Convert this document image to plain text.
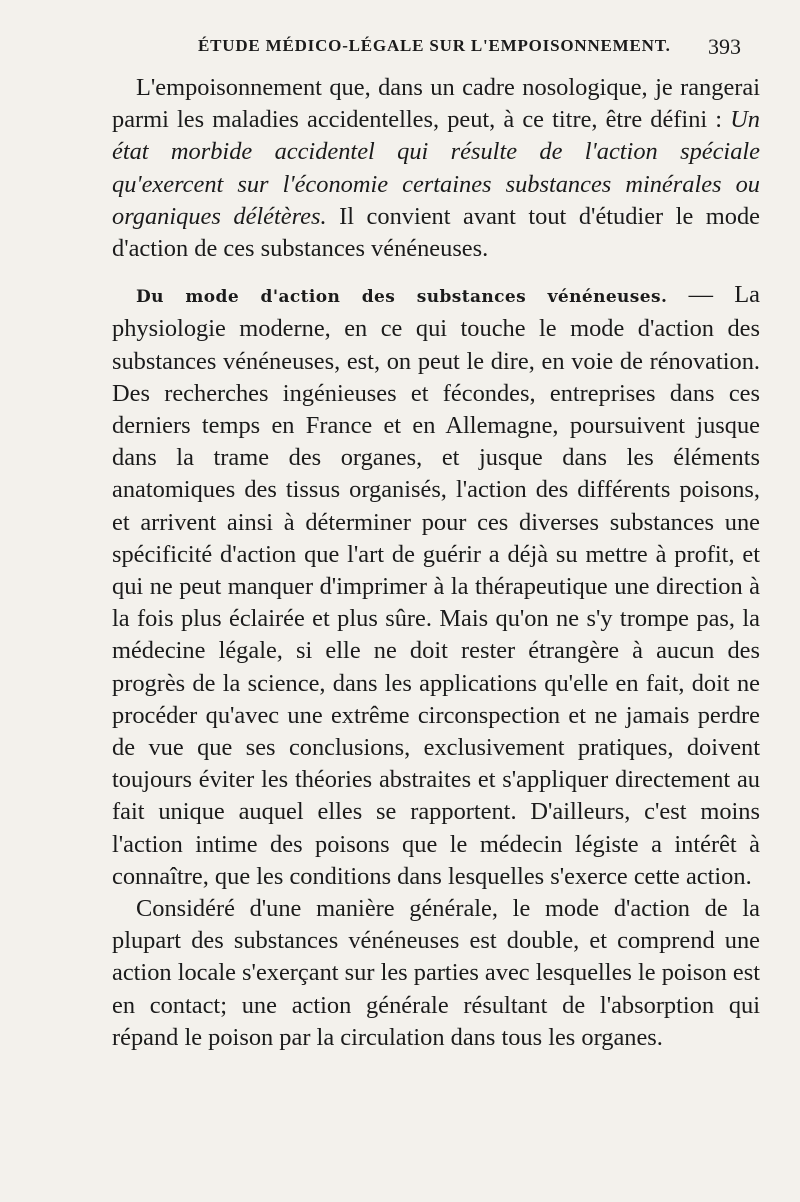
ÉTUDE MÉDICO-LÉGALE SUR L'EMPOISONNEMENT. 393

L'empoisonnement que, dans un cadre nosologique, je rangerai parmi les maladies accidentelles, peut, à ce titre, être défini : Un état morbide accidentel qui résulte de l'action spéciale qu'exercent sur l'économie certaines substances minérales ou organiques délétères. Il convient avant tout d'étudier le mode d'action de ces substances vénéneuses.

Du mode d'action des substances vénéneuses. — La physiologie moderne, en ce qui touche le mode d'action des substances vénéneuses, est, on peut le dire, en voie de rénovation. Des recherches ingénieuses et fécondes, entreprises dans ces derniers temps en France et en Allemagne, poursuivent jusque dans la trame des organes, et jusque dans les éléments anatomiques des tissus organisés, l'action des différents poisons, et arrivent ainsi à déterminer pour ces diverses substances une spécificité d'action que l'art de guérir a déjà su mettre à profit, et qui ne peut manquer d'imprimer à la thérapeutique une direction à la fois plus éclairée et plus sûre. Mais qu'on ne s'y trompe pas, la médecine légale, si elle ne doit rester étrangère à aucun des progrès de la science, dans les applications qu'elle en fait, doit ne procéder qu'avec une extrême circonspection et ne jamais perdre de vue que ses conclusions, exclusivement pratiques, doivent toujours éviter les théories abstraites et s'appliquer directement au fait unique auquel elles se rapportent. D'ailleurs, c'est moins l'action intime des poisons que le médecin légiste a intérêt à connaître, que les conditions dans lesquelles s'exerce cette action.

Considéré d'une manière générale, le mode d'action de la plupart des substances vénéneuses est double, et comprend une action locale s'exerçant sur les parties avec lesquelles le poison est en contact; une action générale résultant de l'absorption qui répand le poison par la circulation dans tous les organes.
